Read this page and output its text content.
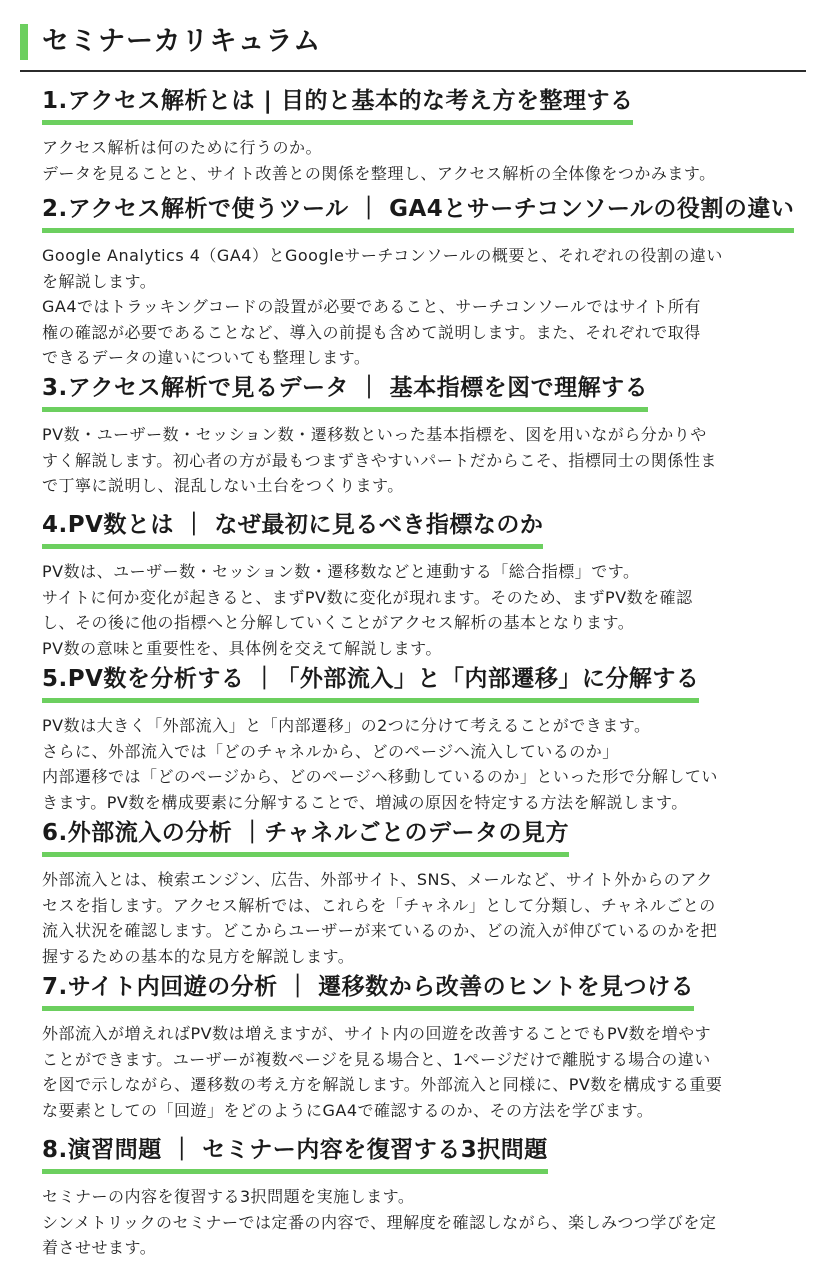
セミナーカリキュラム
1.アクセス解析とは | 目的と基本的な考え方を整理する
アクセス解析は何のために行うのか。
データを見ることと、サイト改善との関係を整理し、アクセス解析の全体像をつかみます。
2.アクセス解析で使うツール ｜ GA4とサーチコンソールの役割の違い
Google Analytics 4（GA4）とGoogleサーチコンソールの概要と、それぞれの役割の違い
を解説します。
GA4ではトラッキングコードの設置が必要であること、サーチコンソールではサイト所有
権の確認が必要であることなど、導入の前提も含めて説明します。また、それぞれで取得
できるデータの違いについても整理します。
3.アクセス解析で見るデータ ｜ 基本指標を図で理解する
PV数・ユーザー数・セッション数・遷移数といった基本指標を、図を用いながら分かりや
すく解説します。初心者の方が最もつまずきやすいパートだからこそ、指標同士の関係性ま
で丁寧に説明し、混乱しない土台をつくります。
4.PV数とは ｜ なぜ最初に見るべき指標なのか
PV数は、ユーザー数・セッション数・遷移数などと連動する「総合指標」です。
サイトに何か変化が起きると、まずPV数に変化が現れます。そのため、まずPV数を確認
し、その後に他の指標へと分解していくことがアクセス解析の基本となります。
PV数の意味と重要性を、具体例を交えて解説します。
5.PV数を分析する ｜「外部流入」と「内部遷移」に分解する
PV数は大きく「外部流入」と「内部遷移」の2つに分けて考えることができます。
さらに、外部流入では「どのチャネルから、どのページへ流入しているのか」
内部遷移では「どのページから、どのページへ移動しているのか」といった形で分解してい
きます。PV数を構成要素に分解することで、増減の原因を特定する方法を解説します。
6.外部流入の分析 ｜チャネルごとのデータの見方
外部流入とは、検索エンジン、広告、外部サイト、SNS、メールなど、サイト外からのアク
セスを指します。アクセス解析では、これらを「チャネル」として分類し、チャネルごとの
流入状況を確認します。どこからユーザーが来ているのか、どの流入が伸びているのかを把
握するための基本的な見方を解説します。
7.サイト内回遊の分析 ｜ 遷移数から改善のヒントを見つける
外部流入が増えればPV数は増えますが、サイト内の回遊を改善することでもPV数を増やす
ことができます。ユーザーが複数ページを見る場合と、1ページだけで離脱する場合の違い
を図で示しながら、遷移数の考え方を解説します。外部流入と同様に、PV数を構成する重要
な要素としての「回遊」をどのようにGA4で確認するのか、その方法を学びます。
8.演習問題 ｜ セミナー内容を復習する3択問題
セミナーの内容を復習する3択問題を実施します。
シンメトリックのセミナーでは定番の内容で、理解度を確認しながら、楽しみつつ学びを定
着させせます。
